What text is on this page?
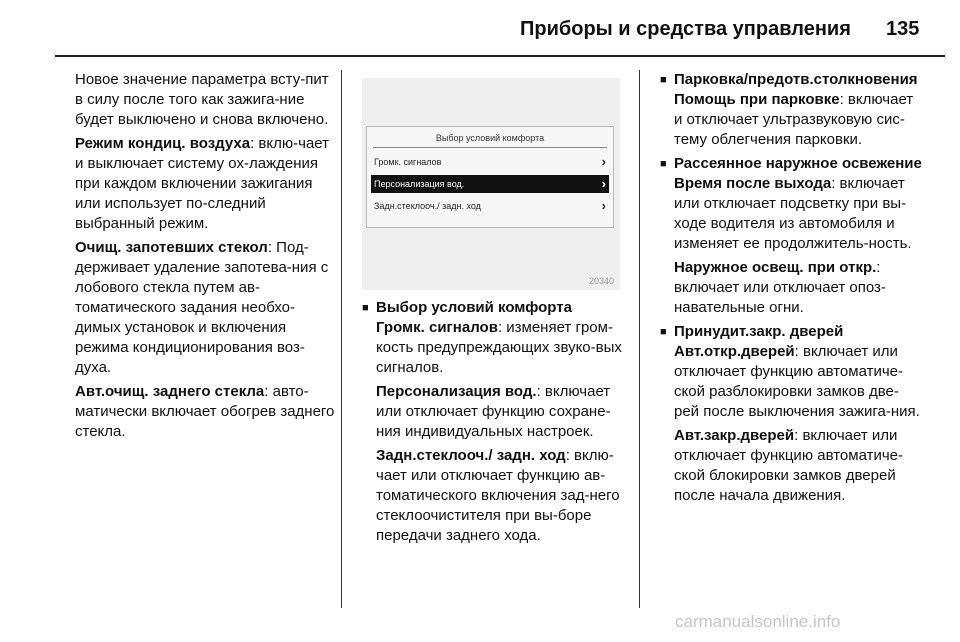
Приборы и средства управления 135

Новое значение параметра всту-пит в силу после того как зажига-ние будет выключено и снова включено.

Режим кондиц. воздуха: вклю-чает и выключает систему ох-лаждения при каждом включении зажигания или использует по-следний выбранный режим.

Очищ. запотевших стекол: Под-держивает удаление запотева-ния с лобового стекла путем ав-томатического задания необхо-димых установок и включения режима кондиционирования воз-духа.

Авт.очищ. заднего стекла: авто-матически включает обогрев заднего стекла.

Выбор условий комфорта
Громк. сигналов	›
Персонализация вод.	›
Задн.стеклооч./ задн. ход	›
20340
■ Выбор условий комфорта

Громк. сигналов: изменяет гром-кость предупреждающих звуко-вых сигналов.

Персонализация вод.: включает или отключает функцию сохране-ния индивидуальных настроек.

Задн.стеклооч./ задн. ход: вклю-чает или отключает функцию ав-томатического включения зад-него стеклоочистителя при вы-боре передачи заднего хода.

■ Парковка/предотв.столкновения

Помощь при парковке: включает и отключает ультразвуковую сис-тему облегчения парковки.

■ Рассеянное наружное освежение

Время после выхода: включает или отключает подсветку при вы-ходе водителя из автомобиля и изменяет ее продолжитель-ность.

Наружное освещ. при откр.: включает или отключает опоз-навательные огни.

■ Принудит.закр. дверей

Авт.откр.дверей: включает или отключает функцию автоматиче-ской разблокировки замков две-рей после выключения зажига-ния.

Авт.закр.дверей: включает или отключает функцию автоматиче-ской блокировки замков дверей после начала движения.

carmanualsonline.info
